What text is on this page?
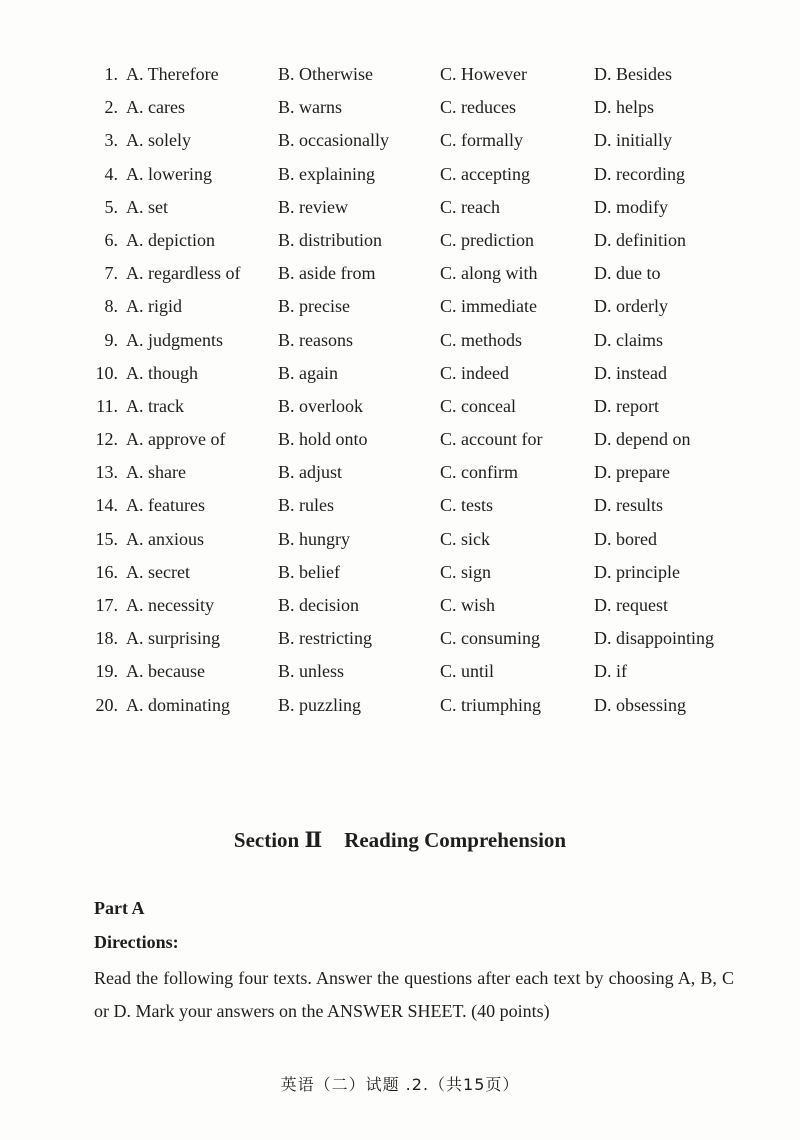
1. A. Therefore	B. Otherwise	C. However	D. Besides
2. A. cares	B. warns	C. reduces	D. helps
3. A. solely	B. occasionally	C. formally	D. initially
4. A. lowering	B. explaining	C. accepting	D. recording
5. A. set	B. review	C. reach	D. modify
6. A. depiction	B. distribution	C. prediction	D. definition
7. A. regardless of B. aside from	C. along with	D. due to
8. A. rigid	B. precise	C. immediate	D. orderly
9. A. judgments	B. reasons	C. methods	D. claims
10. A. though	B. again	C. indeed	D. instead
11. A. track	B. overlook	C. conceal	D. report
12. A. approve of	B. hold onto	C. account for	D. depend on
13. A. share	B. adjust	C. confirm	D. prepare
14. A. features	B. rules	C. tests	D. results
15. A. anxious	B. hungry	C. sick	D. bored
16. A. secret	B. belief	C. sign	D. principle
17. A. necessity	B. decision	C. wish	D. request
18. A. surprising	B. restricting	C. consuming	D. disappointing
19. A. because	B. unless	C. until	D. if
20. A. dominating	B. puzzling	C. triumphing	D. obsessing
Section Ⅱ Reading Comprehension

Part A

Directions:

Read the following four texts. Answer the questions after each text by choosing A, B, C or D. Mark your answers on the ANSWER SHEET. (40 points)

英语（二）试题 .2.（共15页）
